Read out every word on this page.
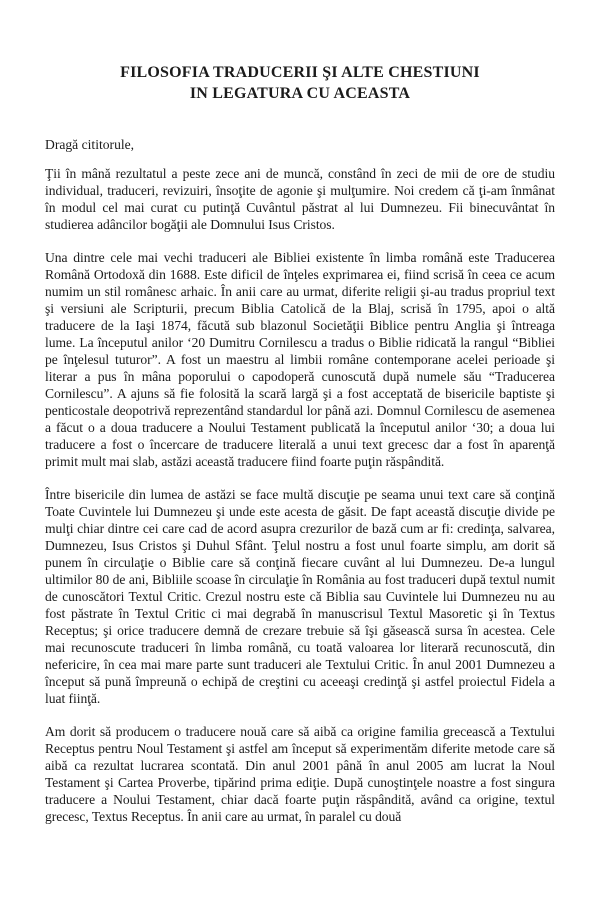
FILOSOFIA TRADUCERII ŞI ALTE CHESTIUNI
IN LEGATURA CU ACEASTA

Dragă cititorule,

Ţii în mână rezultatul a peste zece ani de muncă, constând în zeci de mii de ore de studiu individual, traduceri, revizuiri, însoţite de agonie şi mulţumire. Noi credem că ţi-am înmânat în modul cel mai curat cu putinţă Cuvântul păstrat al lui Dumnezeu. Fii binecuvântat în studierea adâncilor bogăţii ale Domnului Isus Cristos.

Una dintre cele mai vechi traduceri ale Bibliei existente în limba română este Traducerea Română Ortodoxă din 1688. Este dificil de înţeles exprimarea ei, fiind scrisă în ceea ce acum numim un stil românesc arhaic. În anii care au urmat, diferite religii şi-au tradus propriul text şi versiuni ale Scripturii, precum Biblia Catolică de la Blaj, scrisă în 1795, apoi o altă traducere de la Iaşi 1874, făcută sub blazonul Societăţii Biblice pentru Anglia şi întreaga lume. La începutul anilor ‘20 Dumitru Cornilescu a tradus o Biblie ridicată la rangul “Bibliei pe înţelesul tuturor”. A fost un maestru al limbii române contemporane acelei perioade şi literar a pus în mâna poporului o capodoperă cunoscută după numele său “Traducerea Cornilescu”. A ajuns să fie folosită la scară largă şi a fost acceptată de bisericile baptiste şi penticostale deopotrivă reprezentând standardul lor până azi. Domnul Cornilescu de asemenea a făcut o a doua traducere a Noului Testament publicată la începutul anilor ‘30; a doua lui traducere a fost o încercare de traducere literală a unui text grecesc dar a fost în aparenţă primit mult mai slab, astăzi această traducere fiind foarte puţin răspândită.

Între bisericile din lumea de astăzi se face multă discuţie pe seama unui text care să conţină Toate Cuvintele lui Dumnezeu şi unde este acesta de găsit. De fapt această discuţie divide pe mulţi chiar dintre cei care cad de acord asupra crezurilor de bază cum ar fi: credinţa, salvarea, Dumnezeu, Isus Cristos şi Duhul Sfânt. Ţelul nostru a fost unul foarte simplu, am dorit să punem în circulaţie o Biblie care să conţină fiecare cuvânt al lui Dumnezeu. De-a lungul ultimilor 80 de ani, Bibliile scoase în circulaţie în România au fost traduceri după textul numit de cunoscători Textul Critic. Crezul nostru este că Biblia sau Cuvintele lui Dumnezeu nu au fost păstrate în Textul Critic ci mai degrabă în manuscrisul Textul Masoretic şi în Textus Receptus; şi orice traducere demnă de crezare trebuie să îşi găsească sursa în acestea. Cele mai recunoscute traduceri în limba română, cu toată valoarea lor literară recunoscută, din nefericire, în cea mai mare parte sunt traduceri ale Textului Critic. În anul 2001 Dumnezeu a început să pună împreună o echipă de creştini cu aceeaşi credinţă şi astfel proiectul Fidela a luat fiinţă.

Am dorit să producem o traducere nouă care să aibă ca origine familia grecească a Textului Receptus pentru Noul Testament şi astfel am început să experimentăm diferite metode care să aibă ca rezultat lucrarea scontată. Din anul 2001 până în anul 2005 am lucrat la Noul Testament şi Cartea Proverbe, tipărind prima ediţie. După cunoştinţele noastre a fost singura traducere a Noului Testament, chiar dacă foarte puţin răspândită, având ca origine, textul grecesc, Textus Receptus. În anii care au urmat, în paralel cu două
